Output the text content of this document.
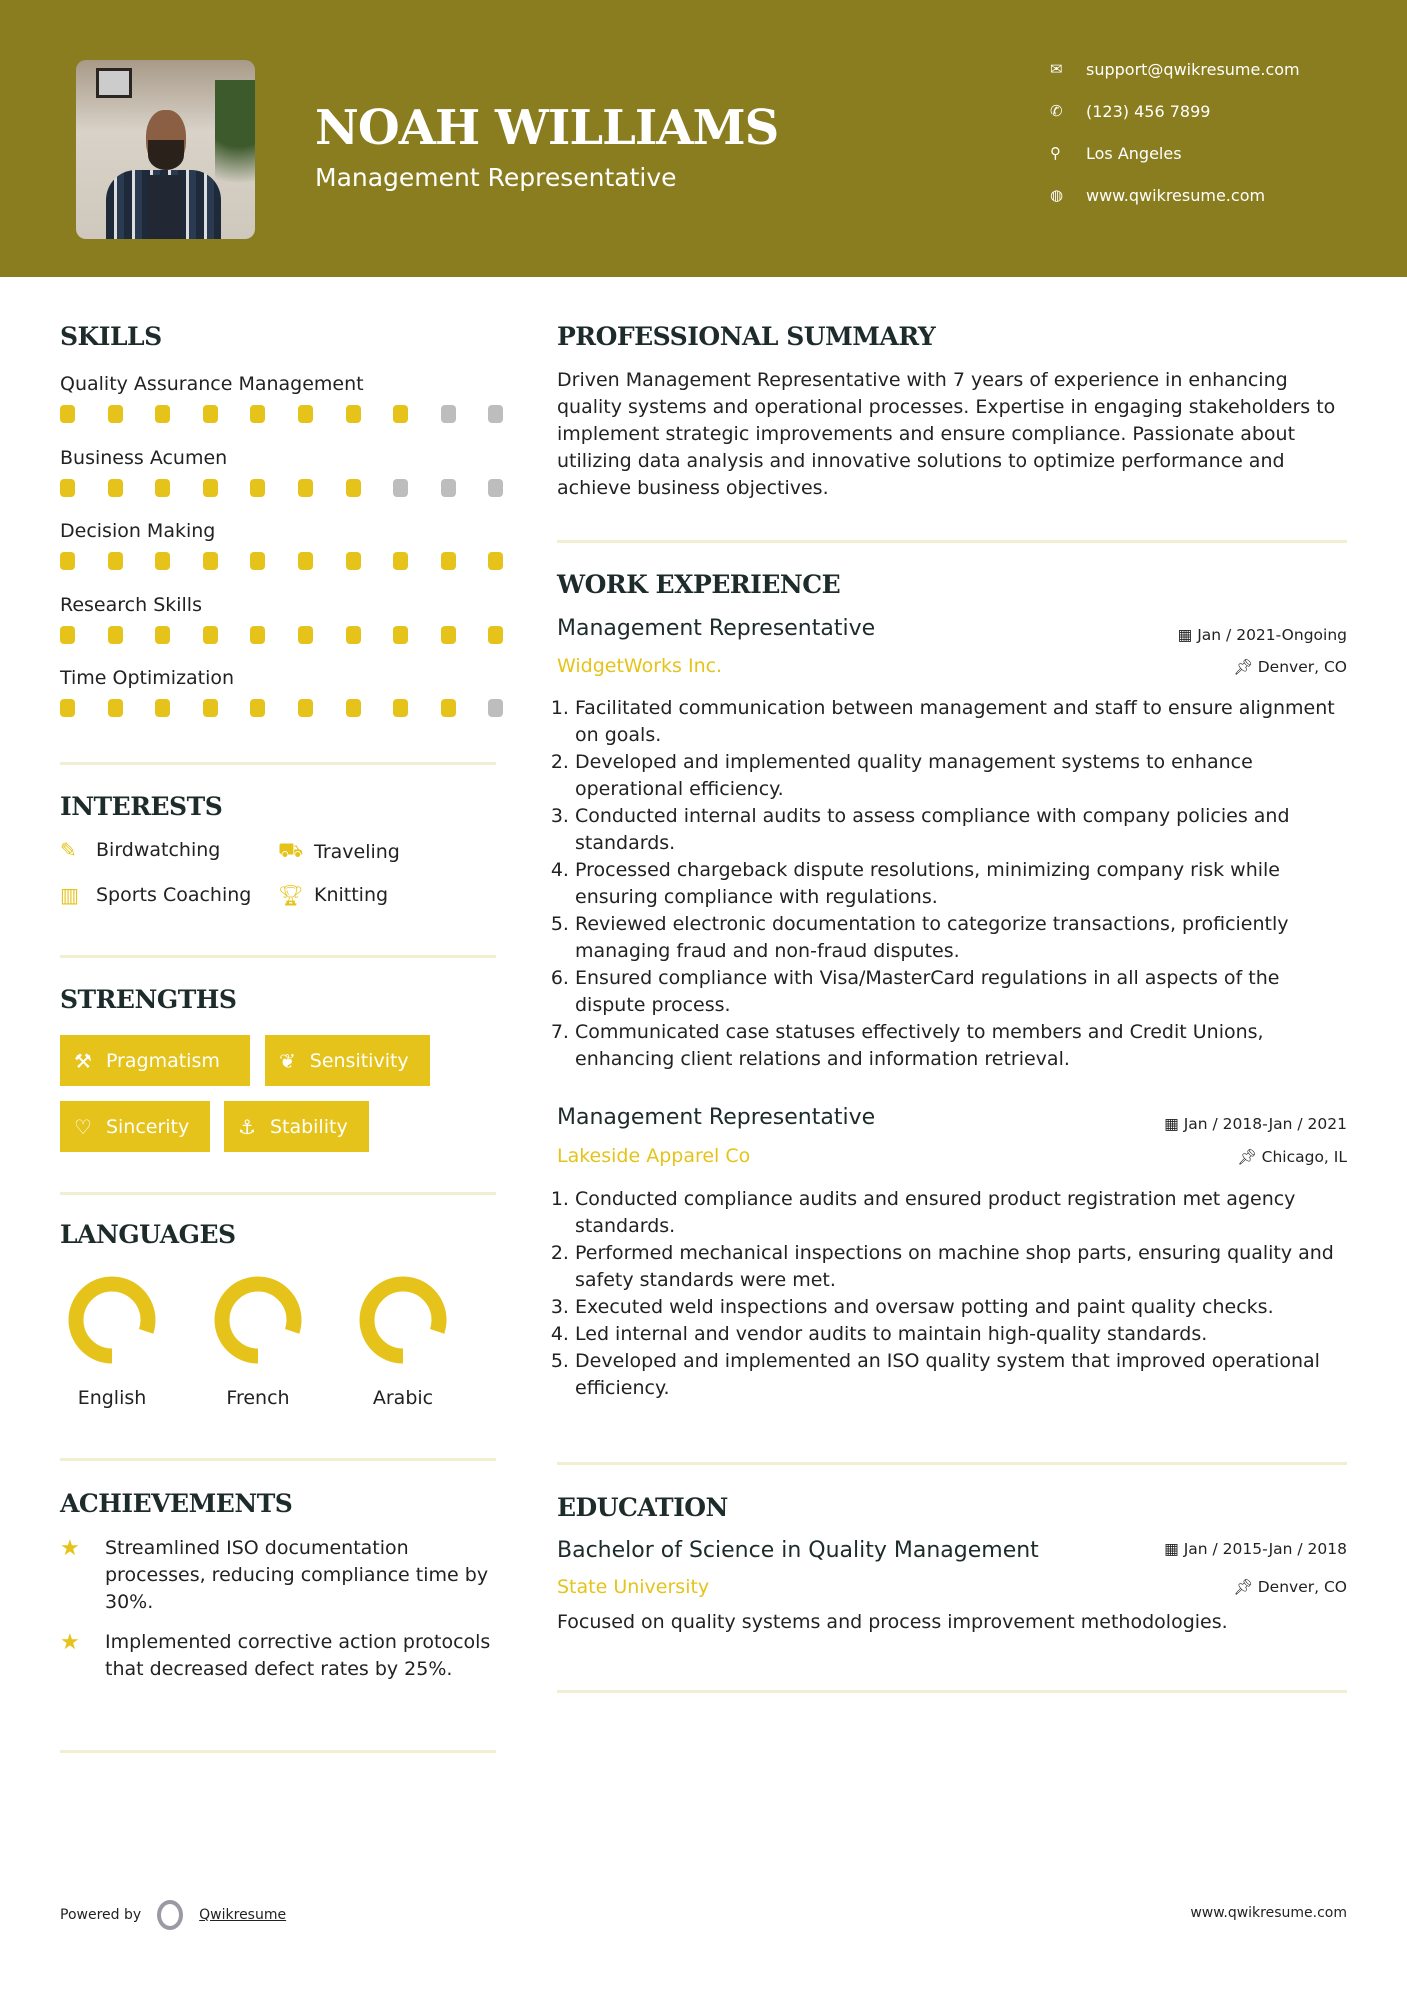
NOAH WILLIAMS
Management Representative
✉	support@qwikresume.com
✆	(123) 456 7899
⚲	Los Angeles
◍	www.qwikresume.com
SKILLS
Quality Assurance Management
Business Acumen
Decision Making
Research Skills
Time Optimization
INTERESTS
✎	Birdwatching	⛟ Traveling
▥ Sports Coaching 🏆︎ Knitting
STRENGTHS
⚒ Pragmatism	❦ Sensitivity
♡ Sincerity ⚓ Stability
LANGUAGES
English	French	Arabic
ACHIEVEMENTS
★	Streamlined ISO documentation processes, reducing compliance time by 30%.
★	Implemented corrective action protocols that decreased defect rates by 25%.
PROFESSIONAL SUMMARY
Driven Management Representative with 7 years of experience in enhancing quality systems and operational processes. Expertise in engaging stakeholders to implement strategic improvements and ensure compliance. Passionate about utilizing data analysis and innovative solutions to optimize performance and achieve business objectives.
WORK EXPERIENCE
Management Representative	▦ Jan / 2021-Ongoing
WidgetWorks Inc.	📌︎ Denver, CO
1. Facilitated communication between management and staff to ensure alignment on goals.
2. Developed and implemented quality management systems to enhance operational efficiency.
3. Conducted internal audits to assess compliance with company policies and standards.
4. Processed chargeback dispute resolutions, minimizing company risk while ensuring compliance with regulations.
5. Reviewed electronic documentation to categorize transactions, proficiently managing fraud and non-fraud disputes.
6. Ensured compliance with Visa/MasterCard regulations in all aspects of the dispute process.
7. Communicated case statuses effectively to members and Credit Unions, enhancing client relations and information retrieval.
Management Representative	▦ Jan / 2018-Jan / 2021
Lakeside Apparel Co	📌︎ Chicago, IL
1. Conducted compliance audits and ensured product registration met agency standards.
2. Performed mechanical inspections on machine shop parts, ensuring quality and safety standards were met.
3. Executed weld inspections and oversaw potting and paint quality checks.
4. Led internal and vendor audits to maintain high-quality standards.
5. Developed and implemented an ISO quality system that improved operational efficiency.
EDUCATION
Bachelor of Science in Quality Management	▦ Jan / 2015-Jan / 2018
State University	📌︎ Denver, CO
Focused on quality systems and process improvement methodologies.
Powered by	Qwikresume	www.qwikresume.com
